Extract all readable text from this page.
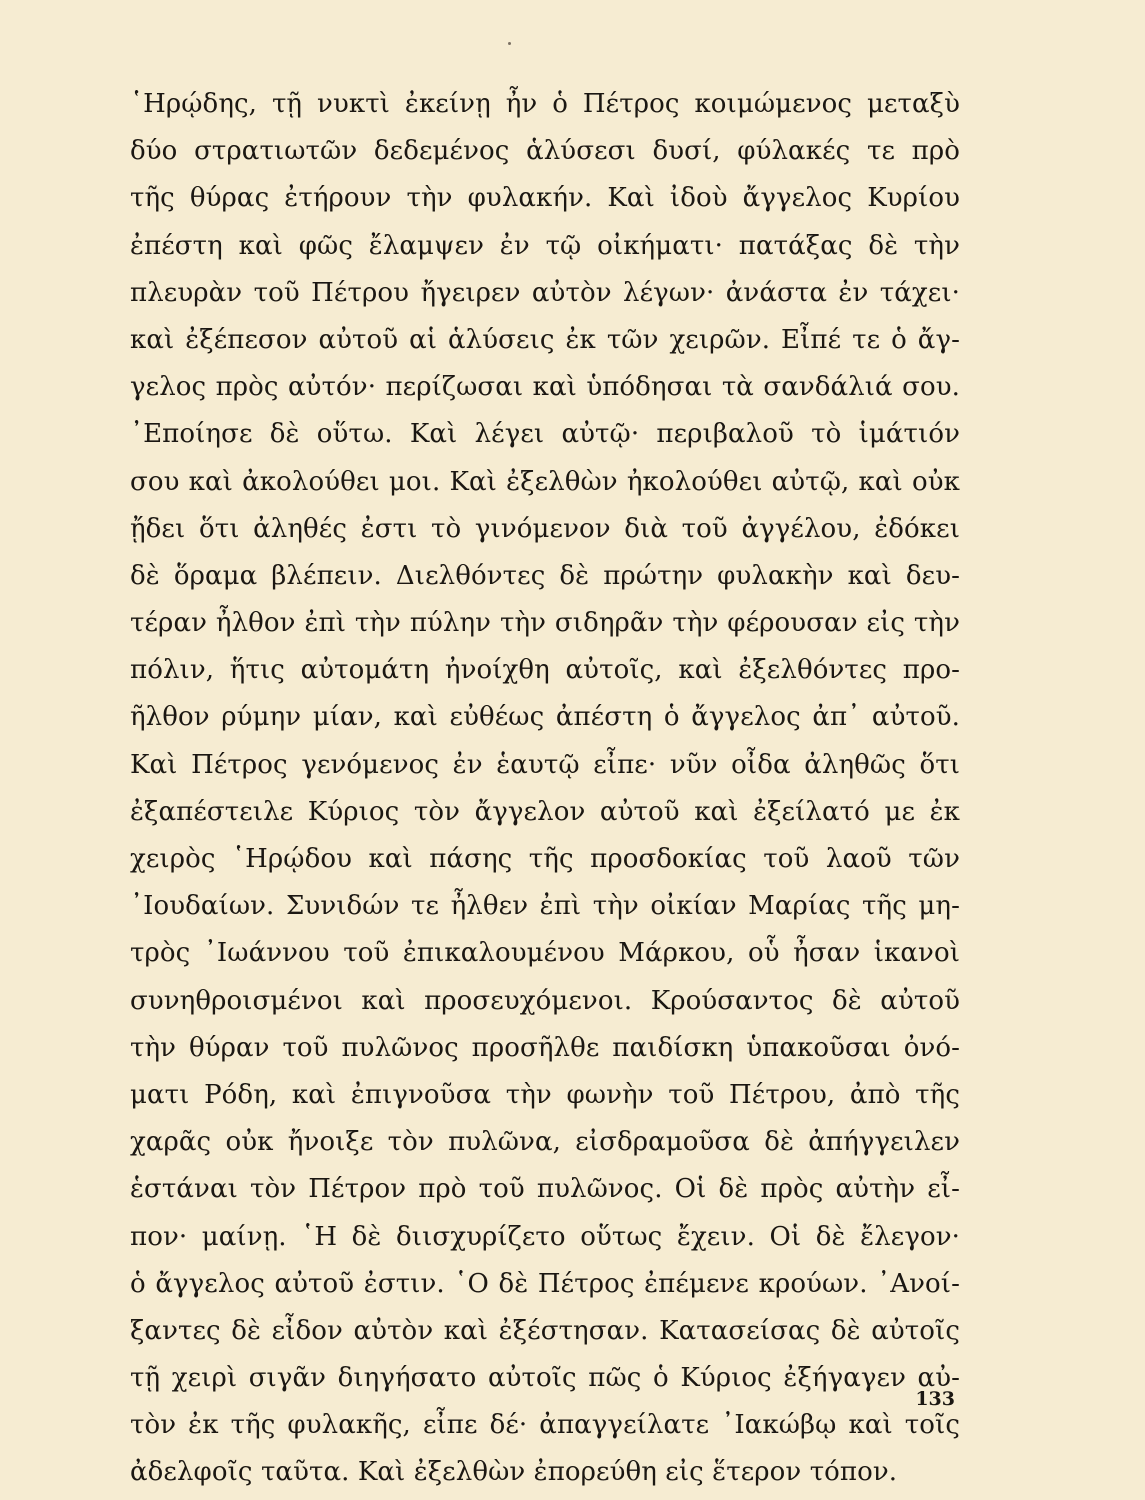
῾Ηρῴδης, τῇ νυκτὶ ἐκείνῃ ἦν ὁ Πέτρος κοιμώμενος μεταξὺ
δύο στρατιωτῶν δεδεμένος ἁλύσεσι δυσί, φύλακές τε πρὸ
τῆς θύρας ἐτήρουν τὴν φυλακήν. Καὶ ἰδοὺ ἄγγελος Κυρίου
ἐπέστη καὶ φῶς ἔλαμψεν ἐν τῷ οἰκήματι· πατάξας δὲ τὴν
πλευρὰν τοῦ Πέτρου ἤγειρεν αὐτὸν λέγων· ἀνάστα ἐν τάχει·
καὶ ἐξέπεσον αὐτοῦ αἱ ἁλύσεις ἐκ τῶν χειρῶν. Εἶπέ τε ὁ ἄγ-
γελος πρὸς αὐτόν· περίζωσαι καὶ ὑπόδησαι τὰ σανδάλιά σου.
᾿Εποίησε δὲ οὕτω. Καὶ λέγει αὐτῷ· περιβαλοῦ τὸ ἱμάτιόν
σου καὶ ἀκολούθει μοι. Καὶ ἐξελθὼν ἠκολούθει αὐτῷ, καὶ οὐκ
ᾔδει ὅτι ἀληθές ἐστι τὸ γινόμενον διὰ τοῦ ἀγγέλου, ἐδόκει
δὲ ὅραμα βλέπειν. Διελθόντες δὲ πρώτην φυλακὴν καὶ δευ-
τέραν ἦλθον ἐπὶ τὴν πύλην τὴν σιδηρᾶν τὴν φέρουσαν εἰς τὴν
πόλιν, ἥτις αὐτομάτη ἠνοίχθη αὐτοῖς, καὶ ἐξελθόντες προ-
ῆλθον ρύμην μίαν, καὶ εὐθέως ἀπέστη ὁ ἄγγελος ἀπ᾿ αὐτοῦ.
Καὶ Πέτρος γενόμενος ἐν ἑαυτῷ εἶπε· νῦν οἶδα ἀληθῶς ὅτι
ἐξαπέστειλε Κύριος τὸν ἄγγελον αὐτοῦ καὶ ἐξείλατό με ἐκ
χειρὸς ῾Ηρῴδου καὶ πάσης τῆς προσδοκίας τοῦ λαοῦ τῶν
᾿Ιουδαίων. Συνιδών τε ἦλθεν ἐπὶ τὴν οἰκίαν Μαρίας τῆς μη-
τρὸς ᾿Ιωάννου τοῦ ἐπικαλουμένου Μάρκου, οὗ ἦσαν ἱκανοὶ
συνηθροισμένοι καὶ προσευχόμενοι. Κρούσαντος δὲ αὐτοῦ
τὴν θύραν τοῦ πυλῶνος προσῆλθε παιδίσκη ὑπακοῦσαι ὀνό-
ματι Ρόδη, καὶ ἐπιγνοῦσα τὴν φωνὴν τοῦ Πέτρου, ἀπὸ τῆς
χαρᾶς οὐκ ἤνοιξε τὸν πυλῶνα, εἰσδραμοῦσα δὲ ἀπήγγειλεν
ἑστάναι τὸν Πέτρον πρὸ τοῦ πυλῶνος. Οἱ δὲ πρὸς αὐτὴν εἶ-
πον· μαίνῃ. ῾Η δὲ διισχυρίζετο οὕτως ἔχειν. Οἱ δὲ ἔλεγον·
ὁ ἄγγελος αὐτοῦ ἐστιν. ῾Ο δὲ Πέτρος ἐπέμενε κρούων. ᾿Ανοί-
ξαντες δὲ εἶδον αὐτὸν καὶ ἐξέστησαν. Κατασείσας δὲ αὐτοῖς
τῇ χειρὶ σιγᾶν διηγήσατο αὐτοῖς πῶς ὁ Κύριος ἐξήγαγεν αὐ-
τὸν ἐκ τῆς φυλακῆς, εἶπε δέ· ἀπαγγείλατε ᾿Ιακώβῳ καὶ τοῖς
ἀδελφοῖς ταῦτα. Καὶ ἐξελθὼν ἐπορεύθη εἰς ἕτερον τόπον.
133
